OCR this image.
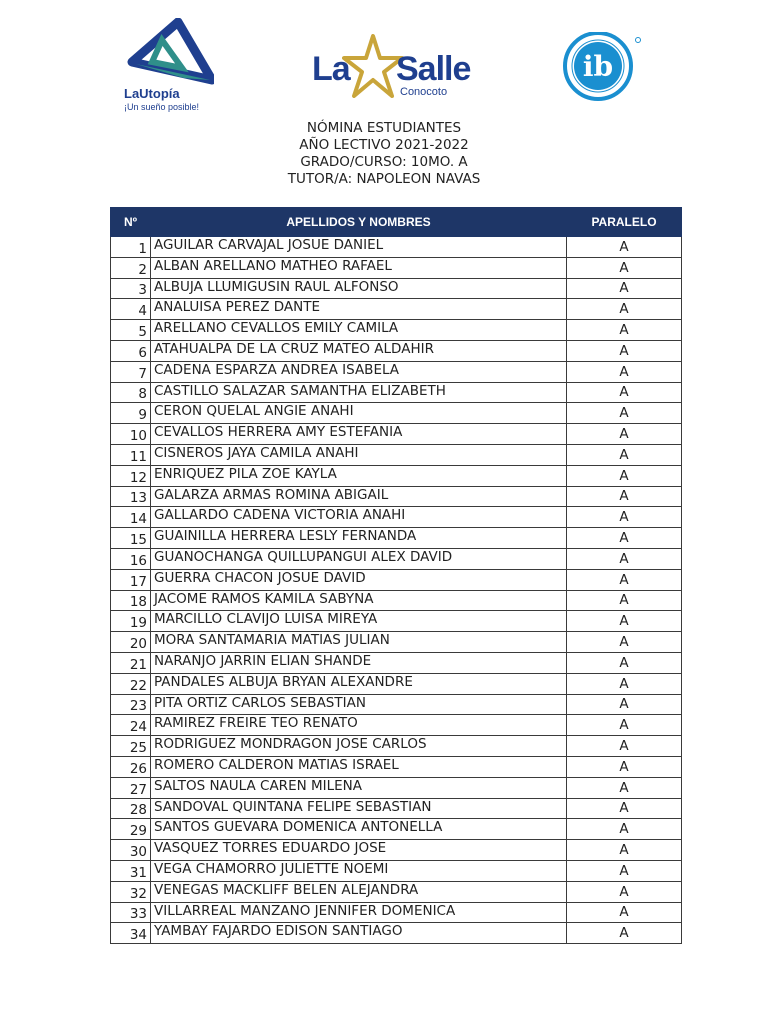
LaUtopía
¡Un sueño posible!
La Salle
Conocoto
ib
NÓMINA ESTUDIANTES
AÑO LECTIVO 2021-2022
GRADO/CURSO: 10MO. A
TUTOR/A: NAPOLEON NAVAS
Nº	APELLIDOS Y NOMBRES	PARALELO
1	AGUILAR CARVAJAL JOSUE DANIEL	A
2	ALBAN ARELLANO MATHEO RAFAEL	A
3	ALBUJA LLUMIGUSIN RAUL ALFONSO	A
4	ANALUISA PEREZ DANTE	A
5	ARELLANO CEVALLOS EMILY CAMILA	A
6	ATAHUALPA DE LA CRUZ MATEO ALDAHIR	A
7	CADENA ESPARZA ANDREA ISABELA	A
8	CASTILLO SALAZAR SAMANTHA ELIZABETH	A
9	CERON QUELAL ANGIE ANAHI	A
10	CEVALLOS HERRERA AMY ESTEFANIA	A
11	CISNEROS JAYA CAMILA ANAHI	A
12	ENRIQUEZ PILA ZOE KAYLA	A
13	GALARZA ARMAS ROMINA ABIGAIL	A
14	GALLARDO CADENA VICTORIA ANAHI	A
15	GUAINILLA HERRERA LESLY FERNANDA	A
16	GUANOCHANGA QUILLUPANGUI ALEX DAVID	A
17	GUERRA CHACON JOSUE DAVID	A
18	JACOME RAMOS KAMILA SABYNA	A
19	MARCILLO CLAVIJO LUISA MIREYA	A
20	MORA SANTAMARIA MATIAS JULIAN	A
21	NARANJO JARRIN ELIAN SHANDE	A
22	PANDALES ALBUJA BRYAN ALEXANDRE	A
23	PITA ORTIZ CARLOS SEBASTIAN	A
24	RAMIREZ FREIRE TEO RENATO	A
25	RODRIGUEZ MONDRAGON JOSE CARLOS	A
26	ROMERO CALDERON MATIAS ISRAEL	A
27	SALTOS NAULA CAREN MILENA	A
28	SANDOVAL QUINTANA FELIPE SEBASTIAN	A
29	SANTOS GUEVARA DOMENICA ANTONELLA	A
30	VASQUEZ TORRES EDUARDO JOSE	A
31	VEGA CHAMORRO JULIETTE NOEMI	A
32	VENEGAS MACKLIFF BELEN ALEJANDRA	A
33	VILLARREAL MANZANO JENNIFER DOMENICA	A
34	YAMBAY FAJARDO EDISON SANTIAGO	A
